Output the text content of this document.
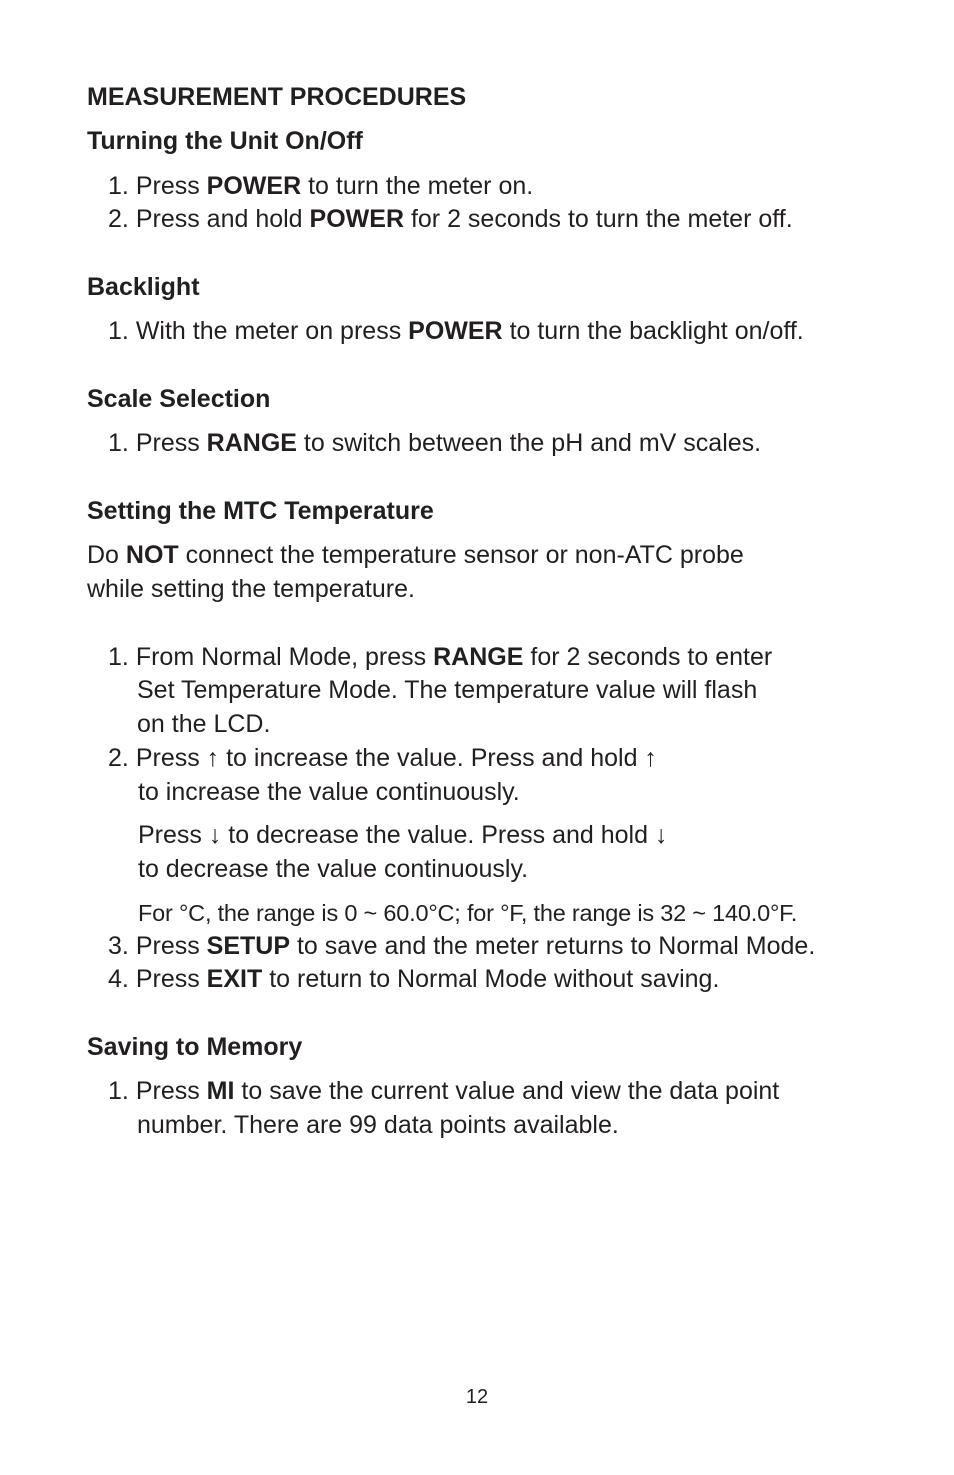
MEASUREMENT PROCEDURES
Turning the Unit On/Off

1. Press POWER to turn the meter on.

2. Press and hold POWER for 2 seconds to turn the meter off.

Backlight

1. With the meter on press POWER to turn the backlight on/off.

Scale Selection

1. Press RANGE to switch between the pH and mV scales.

Setting the MTC Temperature

Do NOT connect the temperature sensor or non-ATC probe

while setting the temperature.

1. From Normal Mode, press RANGE for 2 seconds to enter

Set Temperature Mode. The temperature value will flash

on the LCD.

2. Press ↑ to increase the value. Press and hold ↑

to increase the value continuously.

Press ↓ to decrease the value. Press and hold ↓

to decrease the value continuously.

For °C, the range is 0 ~ 60.0°C; for °F, the range is 32 ~ 140.0°F.

3. Press SETUP to save and the meter returns to Normal Mode.

4. Press EXIT to return to Normal Mode without saving.

Saving to Memory

1. Press MI to save the current value and view the data point

number. There are 99 data points available.

12
